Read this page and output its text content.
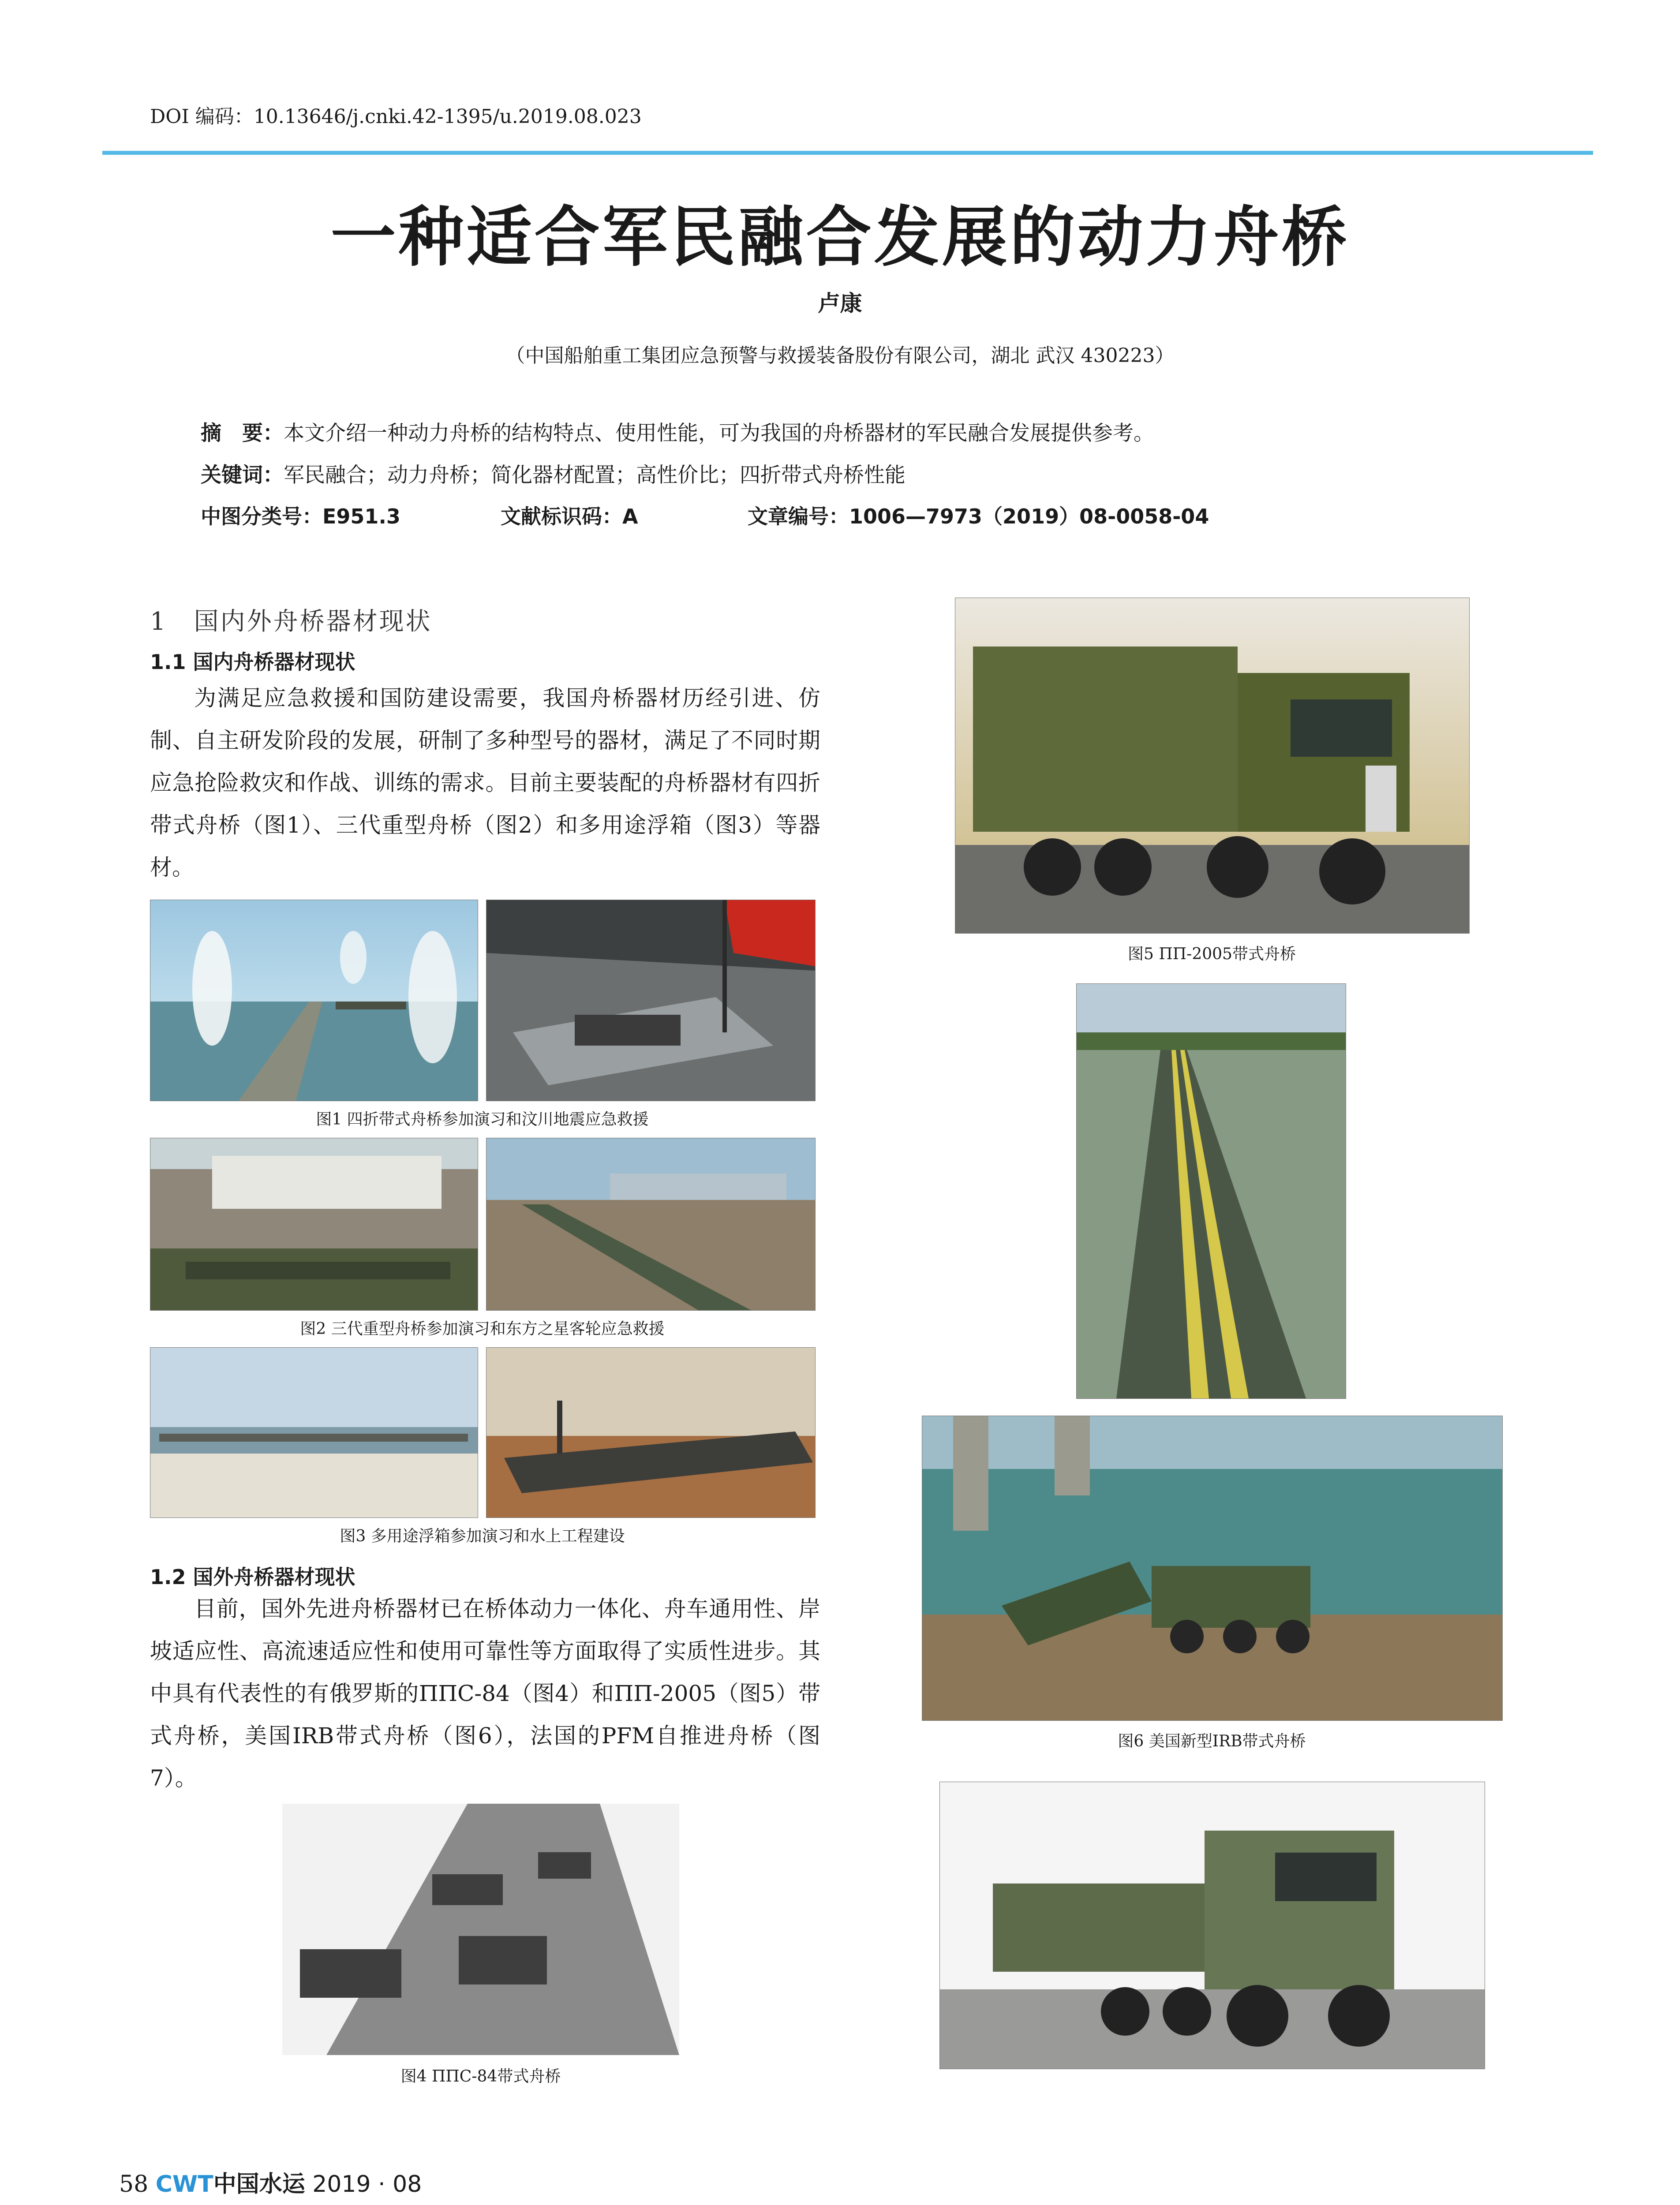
DOI 编码：10.13646/j.cnki.42-1395/u.2019.08.023
一种适合军民融合发展的动力舟桥
卢康
（中国船舶重工集团应急预警与救援装备股份有限公司，湖北 武汉 430223）
摘　要：本文介绍一种动力舟桥的结构特点、使用性能，可为我国的舟桥器材的军民融合发展提供参考。
关键词：军民融合；动力舟桥；简化器材配置；高性价比；四折带式舟桥性能
中图分类号：E951.3	文献标识码：A	文章编号：1006—7973（2019）08-0058-04
1　国内外舟桥器材现状
1.1 国内舟桥器材现状

为满足应急救援和国防建设需要，我国舟桥器材历经引进、仿制、自主研发阶段的发展，研制了多种型号的器材，满足了不同时期应急抢险救灾和作战、训练的需求。目前主要装配的舟桥器材有四折带式舟桥（图1）、三代重型舟桥（图2）和多用途浮箱（图3）等器材。

图1 四折带式舟桥参加演习和汶川地震应急救援
图2 三代重型舟桥参加演习和东方之星客轮应急救援
图3 多用途浮箱参加演习和水上工程建设
1.2 国外舟桥器材现状

目前，国外先进舟桥器材已在桥体动力一体化、舟车通用性、岸坡适应性、高流速适应性和使用可靠性等方面取得了实质性进步。其中具有代表性的有俄罗斯的ПΠС-84（图4）和ПΠ-2005（图5）带式舟桥，美国IRB带式舟桥（图6），法国的PFM自推进舟桥（图7）。

图4 ПΠС-84带式舟桥
图5 ПΠ-2005带式舟桥
图6 美国新型IRB带式舟桥
58 CWT中国水运 2019 · 08
